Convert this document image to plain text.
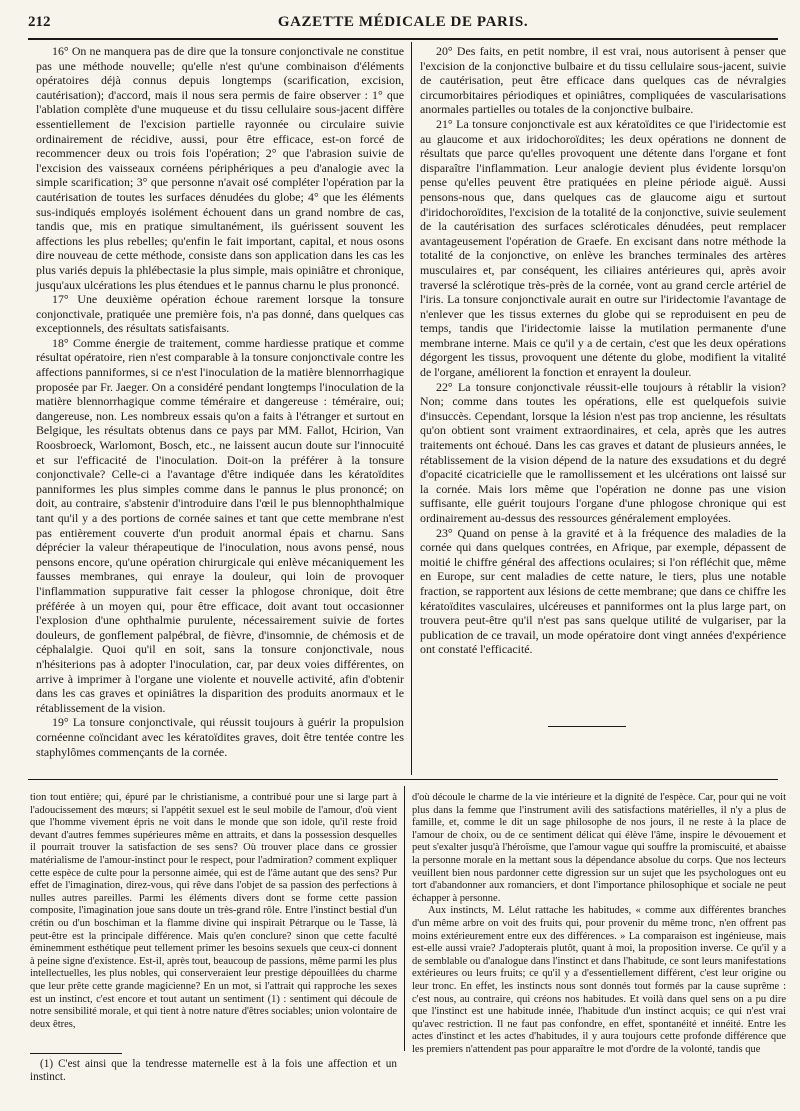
212	GAZETTE MÉDICALE DE PARIS.

16° On ne manquera pas de dire que la tonsure conjonctivale ne constitue pas une méthode nouvelle; qu'elle n'est qu'une combinaison d'éléments opératoires déjà connus depuis longtemps (scarification, excision, cautérisation); d'accord, mais il nous sera permis de faire observer : 1° que l'ablation complète d'une muqueuse et du tissu cellulaire sous-jacent diffère essentiellement de l'excision partielle rayonnée ou circulaire suivie ordinairement de récidive, aussi, pour être efficace, est-on forcé de recommencer deux ou trois fois l'opération; 2° que l'abrasion suivie de l'excision des vaisseaux cornéens périphériques a peu d'analogie avec la simple scarification; 3° que personne n'avait osé compléter l'opération par la cautérisation de toutes les surfaces dénudées du globe; 4° que les éléments sus-indiqués employés isolément échouent dans un grand nombre de cas, tandis que, mis en pratique simultanément, ils guérissent souvent les affections les plus rebelles; qu'enfin le fait important, capital, et nous osons dire nouveau de cette méthode, consiste dans son application dans les cas les plus variés depuis la phlébectasie la plus simple, mais opiniâtre et chronique, jusqu'aux ulcérations les plus étendues et le pannus charnu le plus prononcé.

17° Une deuxième opération échoue rarement lorsque la tonsure conjonctivale, pratiquée une première fois, n'a pas donné, dans quelques cas exceptionnels, des résultats satisfaisants.

18° Comme énergie de traitement, comme hardiesse pratique et comme résultat opératoire, rien n'est comparable à la tonsure conjonctivale contre les affections panniformes, si ce n'est l'inoculation de la matière blennorrhagique proposée par Fr. Jaeger. On a considéré pendant longtemps l'inoculation de la matière blennorrhagique comme téméraire et dangereuse : téméraire, oui; dangereuse, non. Les nombreux essais qu'on a faits à l'étranger et surtout en Belgique, les résultats obtenus dans ce pays par MM. Fallot, Hcirion, Van Roosbroeck, Warlomont, Bosch, etc., ne laissent aucun doute sur l'innocuité et sur l'efficacité de l'inoculation. Doit-on la préférer à la tonsure conjonctivale? Celle-ci a l'avantage d'être indiquée dans les kératoïdites panniformes les plus simples comme dans le pannus le plus prononcé; on doit, au contraire, s'abstenir d'introduire dans l'œil le pus blennophthalmique tant qu'il y a des portions de cornée saines et tant que cette membrane n'est pas entièrement couverte d'un produit anormal épais et charnu. Sans déprécier la valeur thérapeutique de l'inoculation, nous avons pensé, nous pensons encore, qu'une opération chirurgicale qui enlève mécaniquement les fausses membranes, qui enraye la douleur, qui loin de provoquer l'inflammation suppurative fait cesser la phlogose chronique, doit être préférée à un moyen qui, pour être efficace, doit avant tout occasionner l'explosion d'une ophthalmie purulente, nécessairement suivie de fortes douleurs, de gonflement palpébral, de fièvre, d'insomnie, de chémosis et de céphalalgie. Quoi qu'il en soit, sans la tonsure conjonctivale, nous n'hésiterions pas à adopter l'inoculation, car, par deux voies différentes, on arrive à imprimer à l'organe une violente et nouvelle activité, afin d'obtenir dans les cas graves et opiniâtres la disparition des produits anormaux et le rétablissement de la vision.

19° La tonsure conjonctivale, qui réussit toujours à guérir la propulsion cornéenne coïncidant avec les kératoïdites graves, doit être tentée contre les staphylômes commençants de la cornée.

20° Des faits, en petit nombre, il est vrai, nous autorisent à penser que l'excision de la conjonctive bulbaire et du tissu cellulaire sous-jacent, suivie de cautérisation, peut être efficace dans quelques cas de névralgies circumorbitaires périodiques et opiniâtres, compliquées de vascularisations anormales partielles ou totales de la conjonctive bulbaire.

21° La tonsure conjonctivale est aux kératoïdites ce que l'iridectomie est au glaucome et aux iridochoroïdites; les deux opérations ne donnent de résultats que parce qu'elles provoquent une détente dans l'organe et font disparaître l'inflammation. Leur analogie devient plus évidente lorsqu'on pense qu'elles peuvent être pratiquées en pleine période aiguë. Aussi pensons-nous que, dans quelques cas de glaucome aigu et surtout d'iridochoroïdites, l'excision de la totalité de la conjonctive, suivie seulement de la cautérisation des surfaces scléroticales dénudées, peut remplacer avantageusement l'opération de Graefe. En excisant dans notre méthode la totalité de la conjonctive, on enlève les branches terminales des artères musculaires et, par conséquent, les ciliaires antérieures qui, après avoir traversé la sclérotique très-près de la cornée, vont au grand cercle artériel de l'iris. La tonsure conjonctivale aurait en outre sur l'iridectomie l'avantage de n'enlever que les tissus externes du globe qui se reproduisent en peu de temps, tandis que l'iridectomie laisse la mutilation permanente d'une membrane interne. Mais ce qu'il y a de certain, c'est que les deux opérations dégorgent les tissus, provoquent une détente du globe, modifient la vitalité de l'organe, améliorent la fonction et enrayent la douleur.

22° La tonsure conjonctivale réussit-elle toujours à rétablir la vision? Non; comme dans toutes les opérations, elle est quelquefois suivie d'insuccès. Cependant, lorsque la lésion n'est pas trop ancienne, les résultats qu'on obtient sont vraiment extraordinaires, et cela, après que les autres traitements ont échoué. Dans les cas graves et datant de plusieurs années, le rétablissement de la vision dépend de la nature des exsudations et du degré d'opacité cicatricielle que le ramollissement et les ulcérations ont laissé sur la cornée. Mais lors même que l'opération ne donne pas une vision suffisante, elle guérit toujours l'organe d'une phlogose chronique qui est ordinairement au-dessus des ressources généralement employées.

23° Quand on pense à la gravité et à la fréquence des maladies de la cornée qui dans quelques contrées, en Afrique, par exemple, dépassent de moitié le chiffre général des affections oculaires; si l'on réfléchit que, même en Europe, sur cent maladies de cette nature, le tiers, plus une notable fraction, se rapportent aux lésions de cette membrane; que dans ce chiffre les kératoïdites vasculaires, ulcéreuses et panniformes ont la plus large part, on trouvera peut-être qu'il n'est pas sans quelque utilité de vulgariser, par la publication de ce travail, un mode opératoire dont vingt années d'expérience ont constaté l'efficacité.

tion tout entière; qui, épuré par le christianisme, a contribué pour une si large part à l'adoucissement des mœurs; si l'appétit sexuel est le seul mobile de l'amour, d'où vient que l'homme vivement épris ne voit dans le monde que son idole, qu'il reste froid devant d'autres femmes supérieures même en attraits, et dans la possession desquelles il pourrait trouver la satisfaction de ses sens? Où trouver place dans ce grossier matérialisme de l'amour-instinct pour le respect, pour l'admiration? comment expliquer cette espèce de culte pour la personne aimée, qui est de l'âme autant que des sens? Pur effet de l'imagination, direz-vous, qui rêve dans l'objet de sa passion des perfections à nulles autres pareilles. Parmi les éléments divers dont se forme cette passion composite, l'imagination joue sans doute un très-grand rôle. Entre l'instinct bestial d'un crétin ou d'un boschiman et la flamme divine qui inspirait Pétrarque ou le Tasse, là peut-être est la principale différence. Mais qu'en conclure? sinon que cette faculté éminemment esthétique peut tellement primer les besoins sexuels que ceux-ci donnent à peine signe d'existence. Est-il, après tout, beaucoup de passions, même parmi les plus intellectuelles, les plus nobles, qui conserveraient leur prestige dépouillées du charme que leur prête cette grande magicienne? En un mot, si l'attrait qui rapproche les sexes est un instinct, c'est encore et tout autant un sentiment (1) : sentiment qui découle de notre sensibilité morale, et qui tient à notre nature d'êtres sociables; union volontaire de deux êtres,

d'où découle le charme de la vie intérieure et la dignité de l'espèce. Car, pour qui ne voit plus dans la femme que l'instrument avili des satisfactions matérielles, il n'y a plus de famille, et, comme le dit un sage philosophe de nos jours, il ne reste à la place de l'amour de choix, ou de ce sentiment délicat qui élève l'âme, inspire le dévouement et peut s'exalter jusqu'à l'héroïsme, que l'amour vague qui souffre la promiscuité, et abaisse la personne morale en la mettant sous la dépendance absolue du corps. Que nos lecteurs veuillent bien nous pardonner cette digression sur un sujet que les psychologues ont eu tort d'abandonner aux romanciers, et dont l'importance philosophique et sociale ne peut échapper à personne.

Aux instincts, M. Lélut rattache les habitudes, « comme aux différentes branches d'un même arbre on voit des fruits qui, pour provenir du même tronc, n'en offrent pas moins extérieurement entre eux des différences. » La comparaison est ingénieuse, mais est-elle aussi vraie? J'adopterais plutôt, quant à moi, la proposition inverse. Ce qu'il y a de semblable ou d'analogue dans l'instinct et dans l'habitude, ce sont leurs manifestations extérieures ou leurs fruits; ce qu'il y a d'essentiellement différent, c'est leur origine ou leur tronc. En effet, les instincts nous sont donnés tout formés par la cause suprême : c'est nous, au contraire, qui créons nos habitudes. Et voilà dans quel sens on a pu dire que l'instinct est une habitude innée, l'habitude d'un instinct acquis; ce qui n'est vrai qu'avec restriction. Il ne faut pas confondre, en effet, spontanéité et innéité. Entre les actes d'instinct et les actes d'habitudes, il y aura toujours cette profonde différence que les premiers n'attendent pas pour apparaître le mot d'ordre de la volonté, tandis que

(1) C'est ainsi que la tendresse maternelle est à la fois une affection et un instinct.
